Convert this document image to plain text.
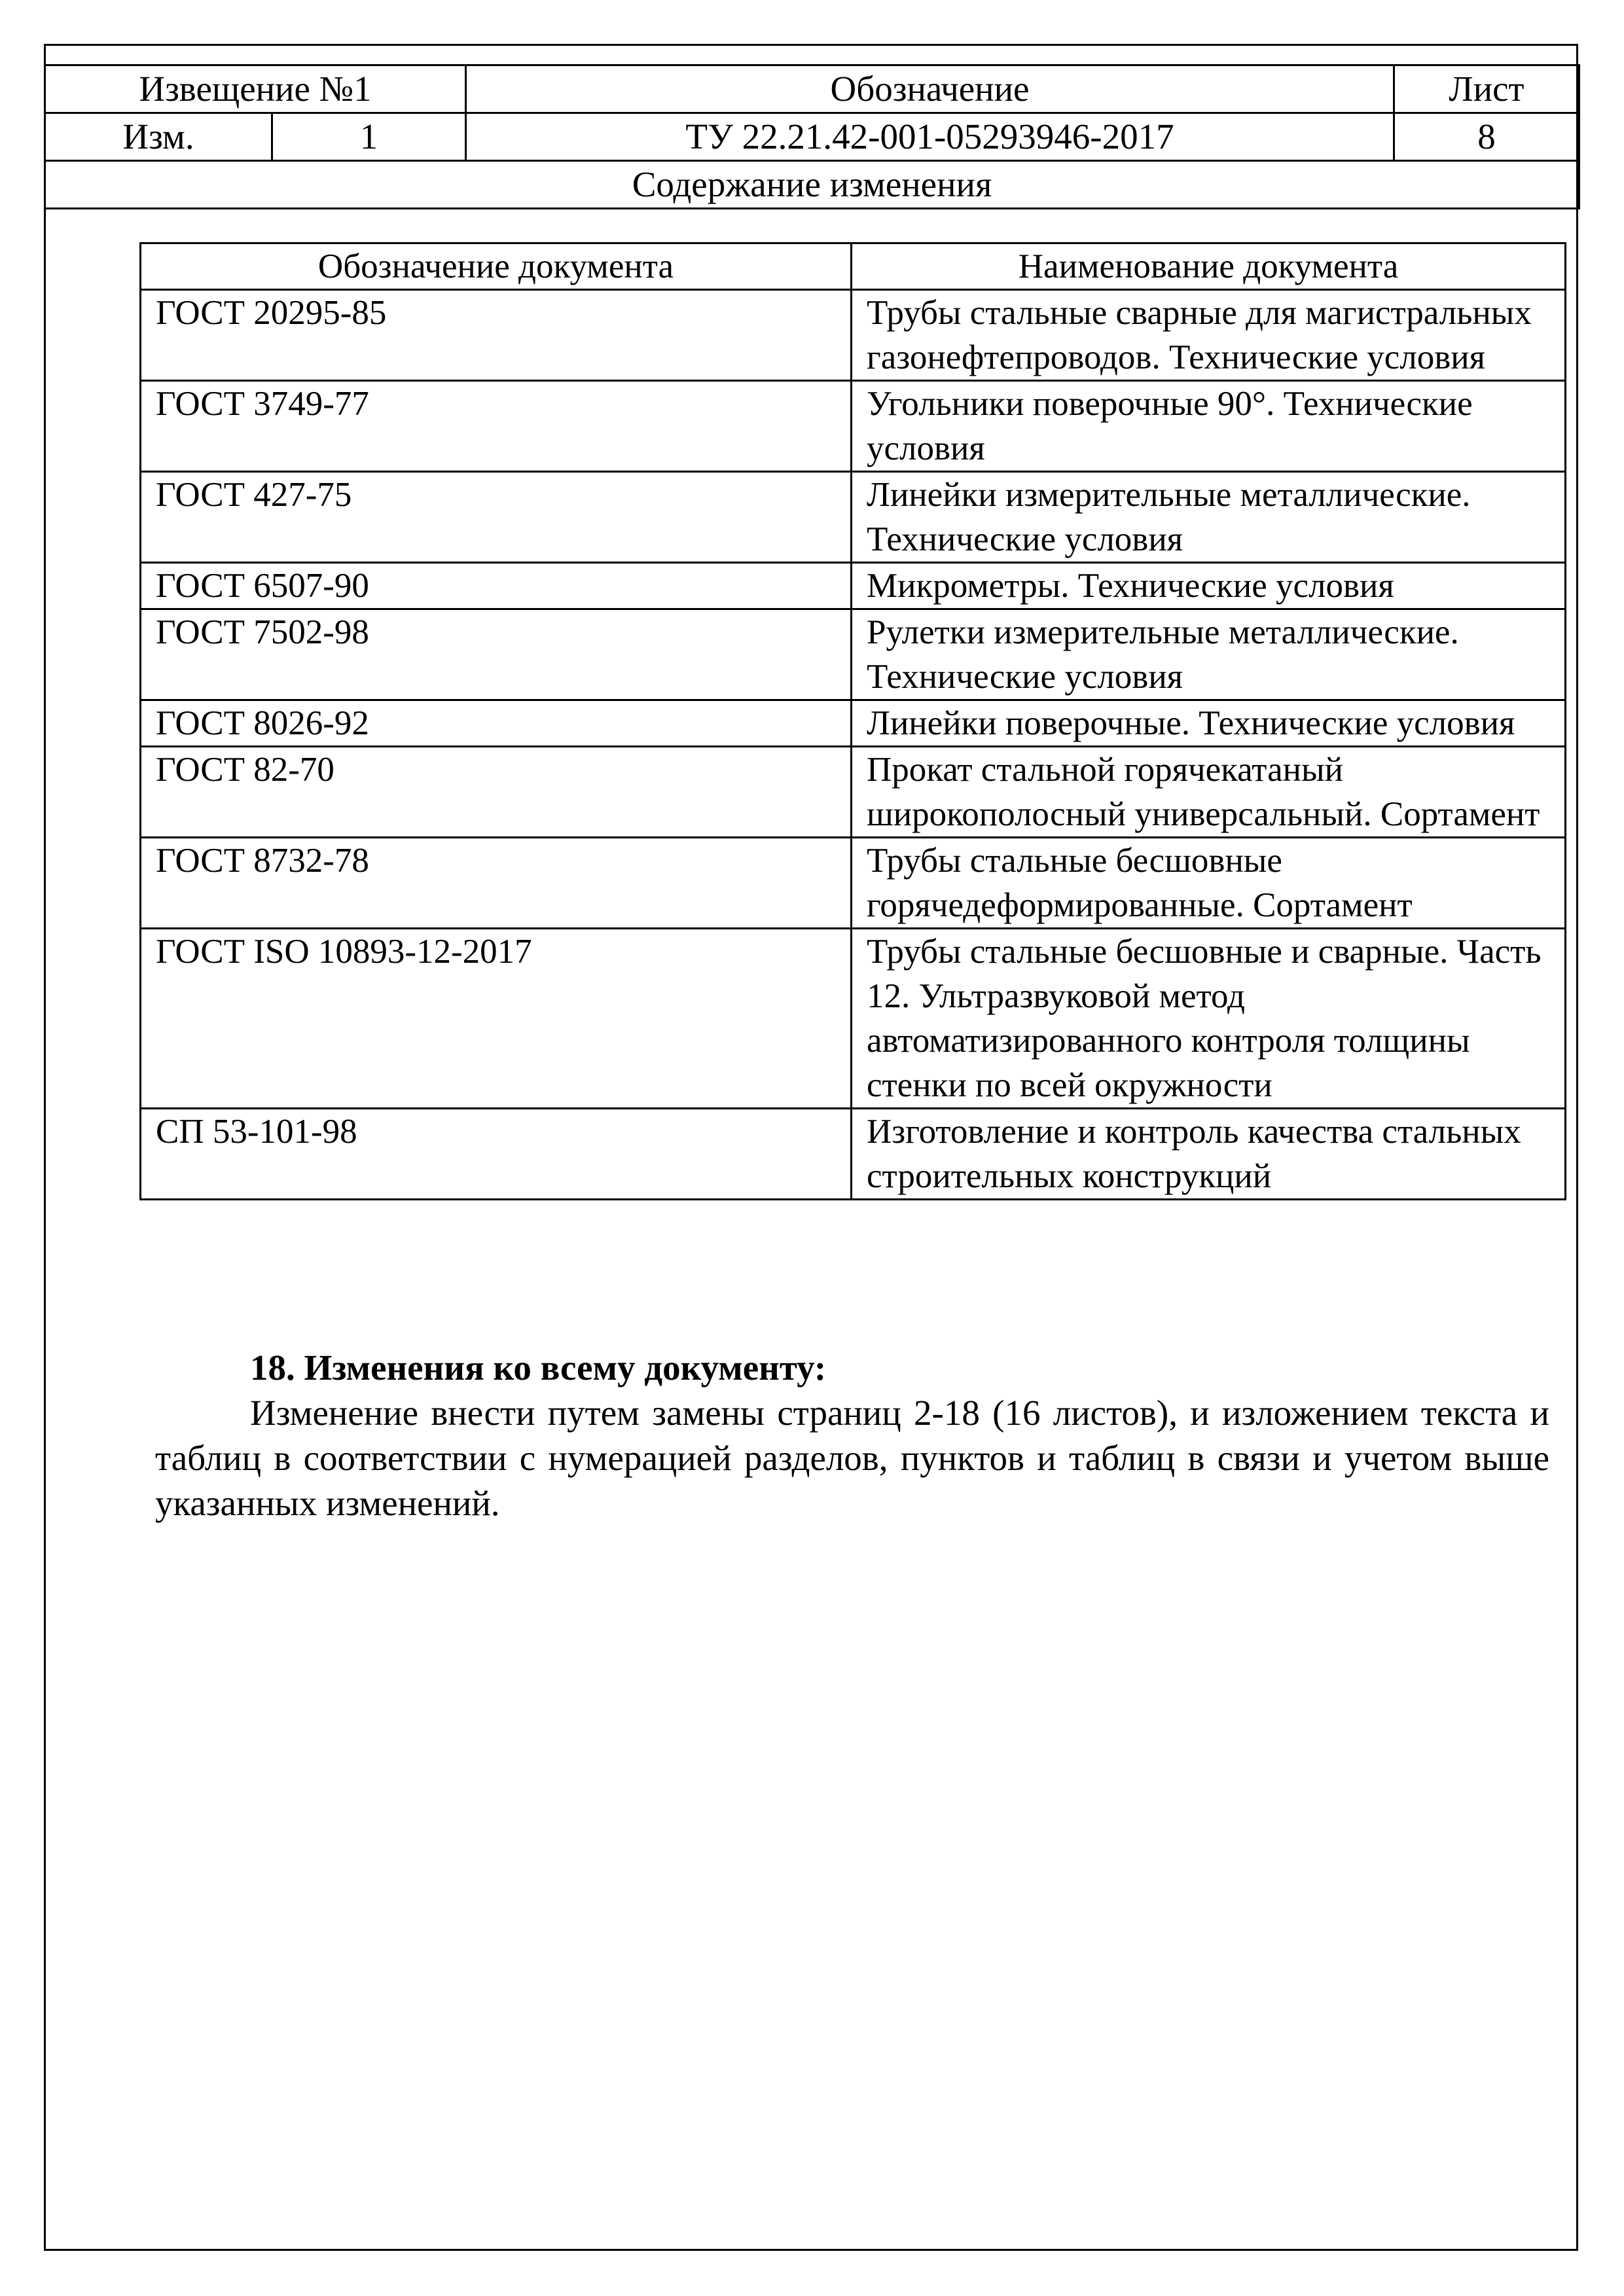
Извещение №1		Обозначение	Лист
Изм.	1	ТУ 22.21.42-001-05293946-2017	8
Содержание изменения			
Обозначение документа	Наименование документа
ГОСТ 20295-85	Трубы стальные сварные для магистральных газонефтепроводов. Технические условия
ГОСТ 3749-77	Угольники поверочные 90°. Технические условия
ГОСТ 427-75	Линейки измерительные металлические. Технические условия
ГОСТ 6507-90	Микрометры. Технические условия
ГОСТ 7502-98	Рулетки измерительные металлические. Технические условия
ГОСТ 8026-92	Линейки поверочные. Технические условия
ГОСТ 82-70	Прокат стальной горячекатаный широкополосный универсальный. Сортамент
ГОСТ 8732-78	Трубы стальные бесшовные горячедеформированные. Сортамент
ГОСТ ISO 10893-12-2017	Трубы стальные бесшовные и сварные. Часть 12. Ультразвуковой метод автоматизированного контроля толщины стенки по всей окружности
СП 53-101-98	Изготовление и контроль качества стальных строительных конструкций
18. Изменения ко всему документу:
Изменение внести путем замены страниц 2-18 (16 листов), и изложением текста и таблиц в соответствии с нумерацией разделов, пунктов и таблиц в связи и учетом выше указанных изменений.
